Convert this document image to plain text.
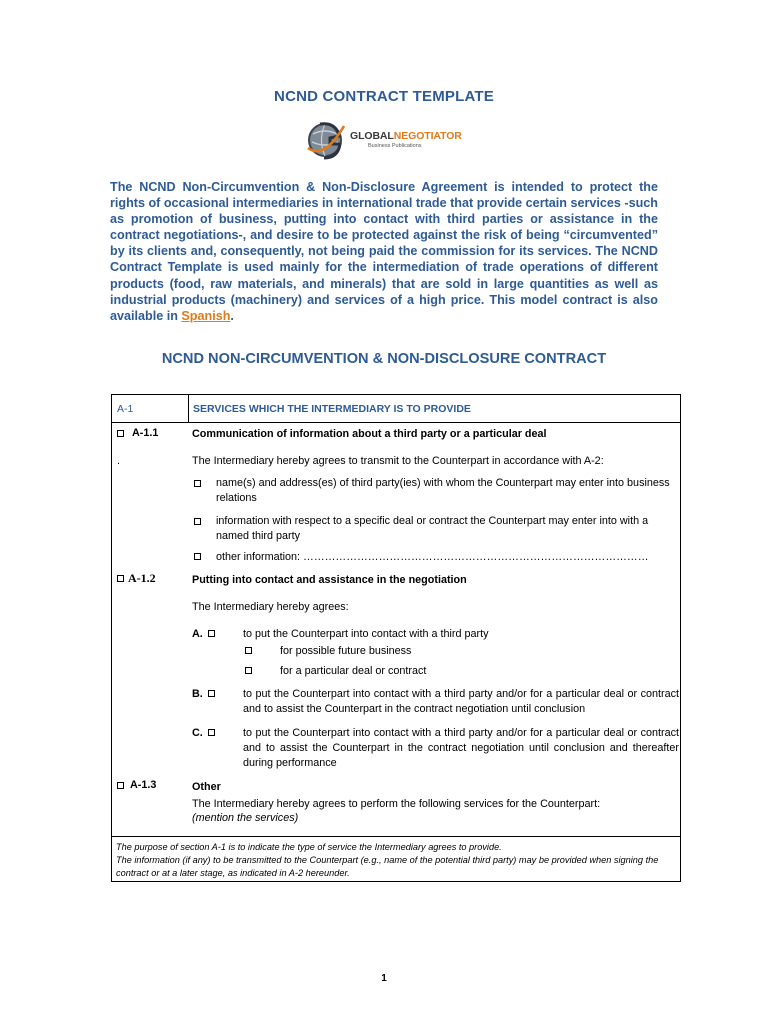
NCND CONTRACT TEMPLATE
GLOBALNEGOTIATOR
Business Publications
The NCND Non-Circumvention & Non-Disclosure Agreement is intended to protect the rights of occasional intermediaries in international trade that provide certain services -such as promotion of business, putting into contact with third parties or assistance in the contract negotiations-, and desire to be protected against the risk of being “circumvented” by its clients and, consequently, not being paid the commission for its services. The NCND Contract Template is used mainly for the intermediation of trade operations of different products (food, raw materials, and minerals) that are sold in large quantities as well as industrial products (machinery) and services of a high price. This model contract is also available in Spanish.
NCND NON-CIRCUMVENTION & NON-DISCLOSURE CONTRACT
A-1	SERVICES WHICH THE INTERMEDIARY IS TO PROVIDE
A-1.1	Communication of information about a third party or a particular deal
.	The Intermediary hereby agrees to transmit to the Counterpart in accordance with A-2:
name(s) and address(es) of third party(ies) with whom the Counterpart may enter into business relations
information with respect to a specific deal or contract the Counterpart may enter into with a named third party
other information: ……………………………………………………………………………………
A-1.2	Putting into contact and assistance in the negotiation
The Intermediary hereby agrees:
A.	to put the Counterpart into contact with a third party
for possible future business
for a particular deal or contract
B.	to put the Counterpart into contact with a third party and/or for a particular deal or contract and to assist the Counterpart in the contract negotiation until conclusion
C.	to put the Counterpart into contact with a third party and/or for a particular deal or contract and to assist the Counterpart in the contract negotiation until conclusion and thereafter during performance
A-1.3	Other
The Intermediary hereby agrees to perform the following services for the Counterpart:
(mention the services)

The purpose of section A-1 is to indicate the type of service the Intermediary agrees to provide.

The information (if any) to be transmitted to the Counterpart (e.g., name of the potential third party) may be provided when signing the contract or at a later stage, as indicated in A-2 hereunder.

1
